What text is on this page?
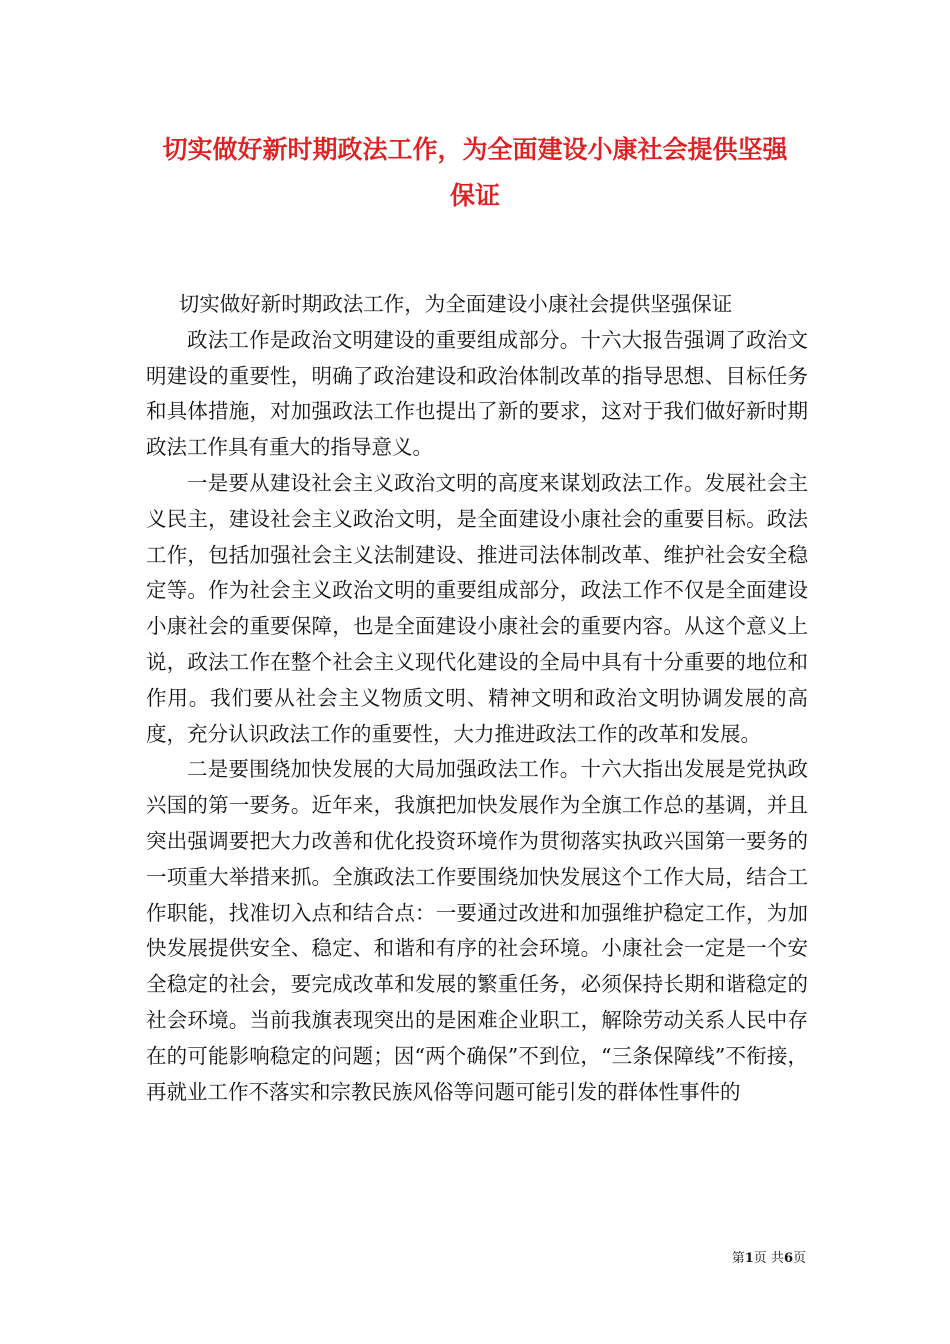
切实做好新时期政法工作，为全面建设小康社会提供坚强
保证

切实做好新时期政法工作，为全面建设小康社会提供坚强保证

政法工作是政治文明建设的重要组成部分。十六大报告强调了政治文明建设的重要性，明确了政治建设和政治体制改革的指导思想、目标任务和具体措施，对加强政法工作也提出了新的要求，这对于我们做好新时期政法工作具有重大的指导意义。

一是要从建设社会主义政治文明的高度来谋划政法工作。发展社会主义民主，建设社会主义政治文明，是全面建设小康社会的重要目标。政法工作，包括加强社会主义法制建设、推进司法体制改革、维护社会安全稳定等。作为社会主义政治文明的重要组成部分，政法工作不仅是全面建设小康社会的重要保障，也是全面建设小康社会的重要内容。从这个意义上说，政法工作在整个社会主义现代化建设的全局中具有十分重要的地位和作用。我们要从社会主义物质文明、精神文明和政治文明协调发展的高度，充分认识政法工作的重要性，大力推进政法工作的改革和发展。

二是要围绕加快发展的大局加强政法工作。十六大指出发展是党执政兴国的第一要务。近年来，我旗把加快发展作为全旗工作总的基调，并且突出强调要把大力改善和优化投资环境作为贯彻落实执政兴国第一要务的一项重大举措来抓。全旗政法工作要围绕加快发展这个工作大局，结合工作职能，找准切入点和结合点：一要通过改进和加强维护稳定工作，为加快发展提供安全、稳定、和谐和有序的社会环境。小康社会一定是一个安全稳定的社会，要完成改革和发展的繁重任务，必须保持长期和谐稳定的社会环境。当前我旗表现突出的是困难企业职工，解除劳动关系人民中存在的可能影响稳定的问题；因“两个确保”不到位，“三条保障线”不衔接，再就业工作不落实和宗教民族风俗等问题可能引发的群体性事件的

第1页 共6页
